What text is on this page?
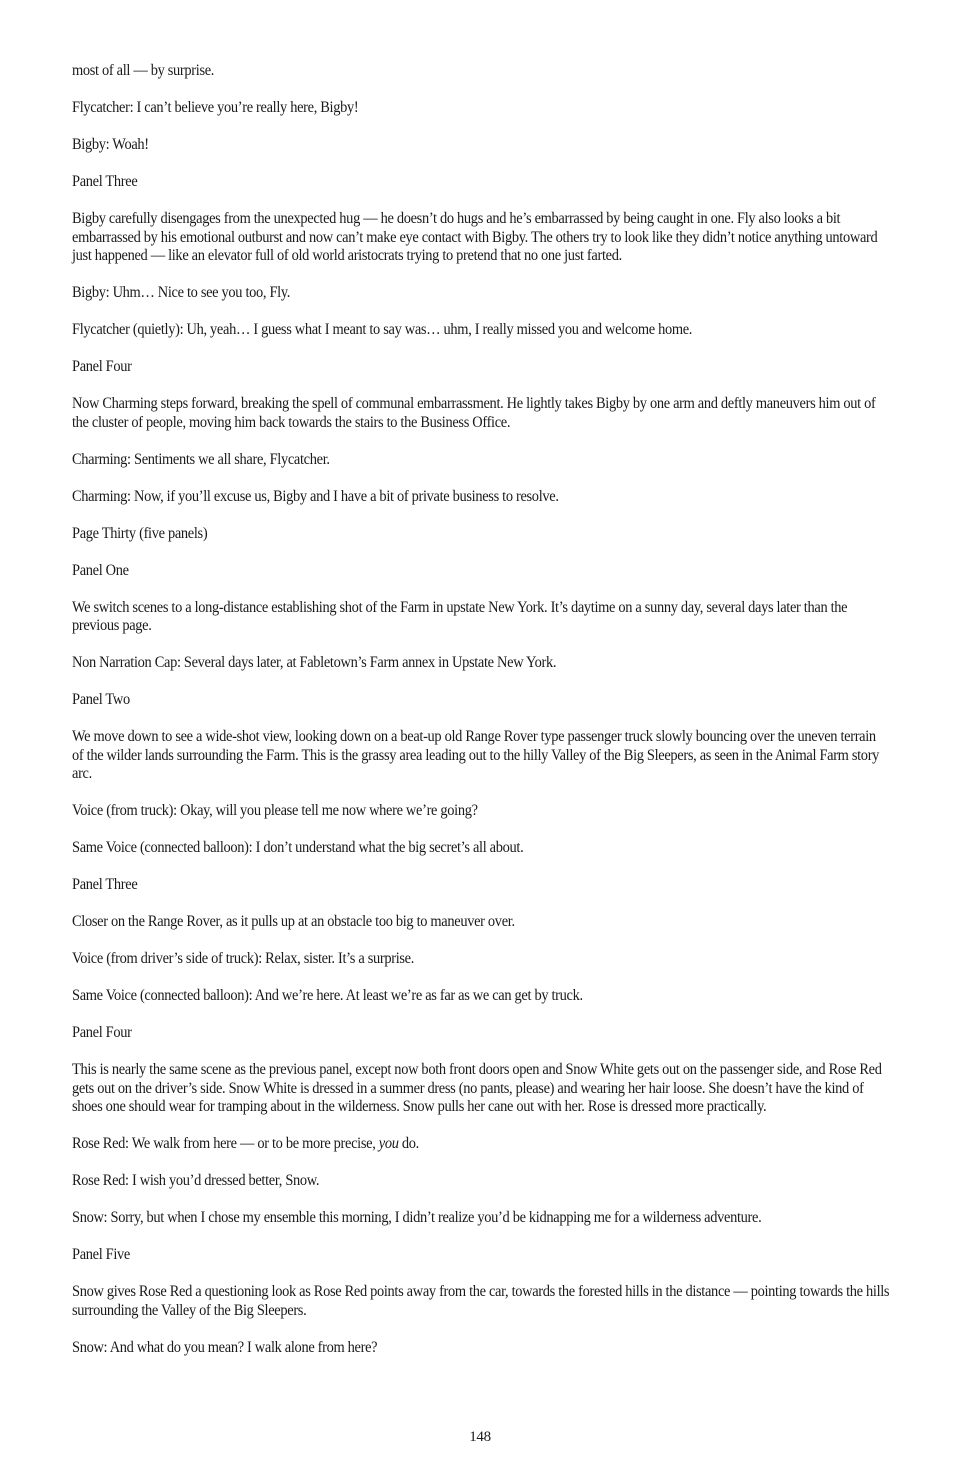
most of all — by surprise.

Flycatcher: I can’t believe you’re really here, Bigby!

Bigby: Woah!

Panel Three

Bigby carefully disengages from the unexpected hug — he doesn’t do hugs and he’s embarrassed by being caught in one. Fly also looks a bit embarrassed by his emotional outburst and now can’t make eye contact with Bigby. The others try to look like they didn’t notice anything untoward just happened — like an elevator full of old world aristocrats trying to pretend that no one just farted.

Bigby: Uhm… Nice to see you too, Fly.

Flycatcher (quietly): Uh, yeah… I guess what I meant to say was… uhm, I really missed you and welcome home.

Panel Four

Now Charming steps forward, breaking the spell of communal embarrassment. He lightly takes Bigby by one arm and deftly maneuvers him out of the cluster of people, moving him back towards the stairs to the Business Office.

Charming: Sentiments we all share, Flycatcher.

Charming: Now, if you’ll excuse us, Bigby and I have a bit of private business to resolve.

Page Thirty (five panels)

Panel One

We switch scenes to a long-distance establishing shot of the Farm in upstate New York. It’s daytime on a sunny day, several days later than the previous page.

Non Narration Cap: Several days later, at Fabletown’s Farm annex in Upstate New York.

Panel Two

We move down to see a wide-shot view, looking down on a beat-up old Range Rover type passenger truck slowly bouncing over the uneven terrain of the wilder lands surrounding the Farm. This is the grassy area leading out to the hilly Valley of the Big Sleepers, as seen in the Animal Farm story arc.

Voice (from truck): Okay, will you please tell me now where we’re going?

Same Voice (connected balloon): I don’t understand what the big secret’s all about.

Panel Three

Closer on the Range Rover, as it pulls up at an obstacle too big to maneuver over.

Voice (from driver’s side of truck): Relax, sister. It’s a surprise.

Same Voice (connected balloon): And we’re here. At least we’re as far as we can get by truck.

Panel Four

This is nearly the same scene as the previous panel, except now both front doors open and Snow White gets out on the passenger side, and Rose Red gets out on the driver’s side. Snow White is dressed in a summer dress (no pants, please) and wearing her hair loose. She doesn’t have the kind of shoes one should wear for tramping about in the wilderness. Snow pulls her cane out with her. Rose is dressed more practically.

Rose Red: We walk from here — or to be more precise, you do.

Rose Red: I wish you’d dressed better, Snow.

Snow: Sorry, but when I chose my ensemble this morning, I didn’t realize you’d be kidnapping me for a wilderness adventure.

Panel Five

Snow gives Rose Red a questioning look as Rose Red points away from the car, towards the forested hills in the distance — pointing towards the hills surrounding the Valley of the Big Sleepers.

Snow: And what do you mean? I walk alone from here?

148
